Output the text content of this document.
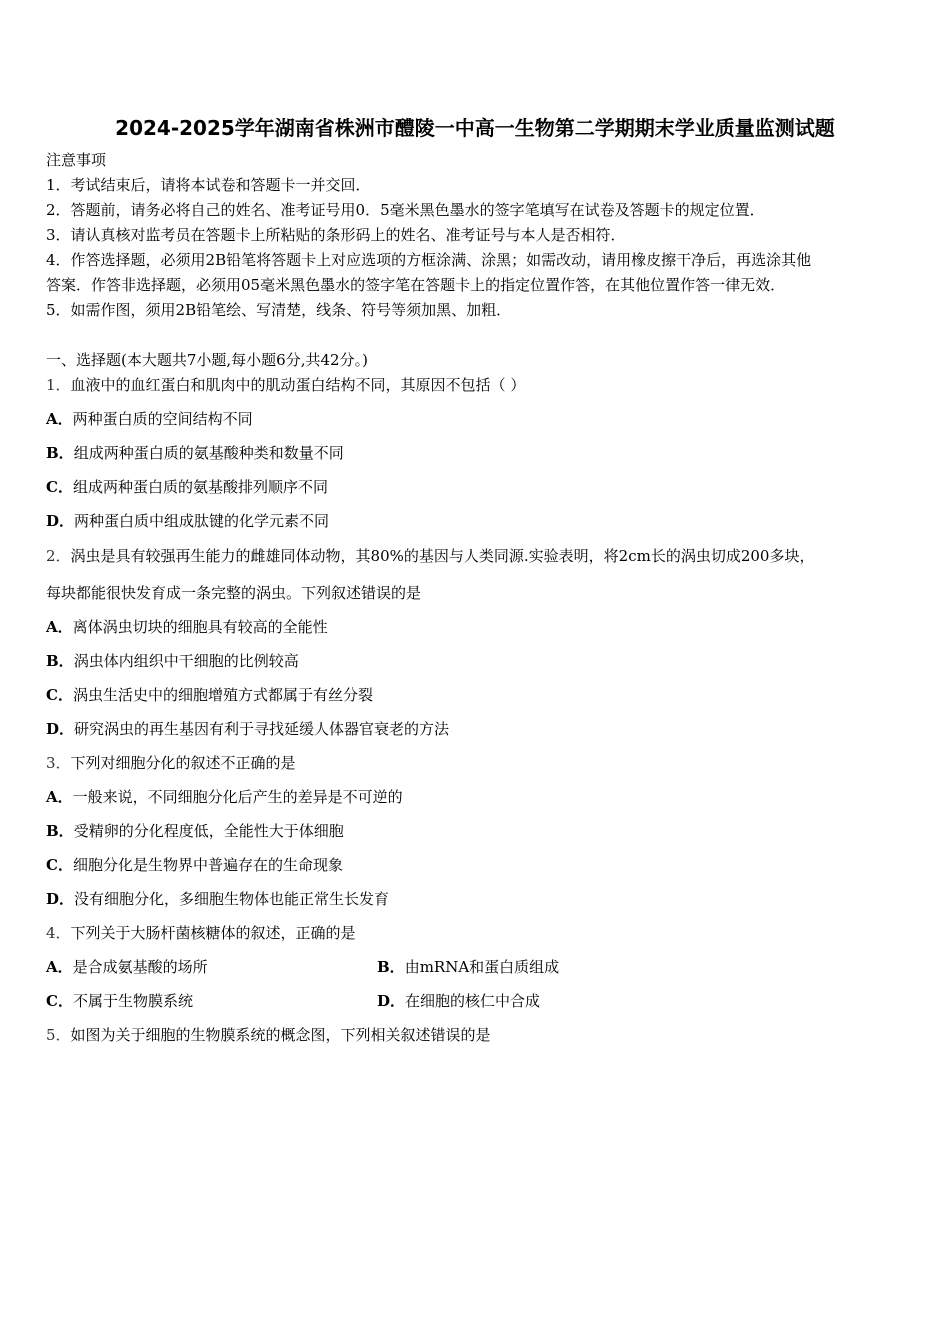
2024-2025学年湖南省株洲市醴陵一中高一生物第二学期期末学业质量监测试题
注意事项
1．考试结束后，请将本试卷和答题卡一并交回．
2．答题前，请务必将自己的姓名、准考证号用0．5毫米黑色墨水的签字笔填写在试卷及答题卡的规定位置．
3．请认真核对监考员在答题卡上所粘贴的条形码上的姓名、准考证号与本人是否相符．
4．作答选择题，必须用2B铅笔将答题卡上对应选项的方框涂满、涂黑；如需改动，请用橡皮擦干净后，再选涂其他
答案．作答非选择题，必须用05毫米黑色墨水的签字笔在答题卡上的指定位置作答，在其他位置作答一律无效．
5．如需作图，须用2B铅笔绘、写清楚，线条、符号等须加黑、加粗．
一、选择题(本大题共7小题,每小题6分,共42分。)
1．血液中的血红蛋白和肌肉中的肌动蛋白结构不同，其原因不包括（ ）
A．两种蛋白质的空间结构不同
B．组成两种蛋白质的氨基酸种类和数量不同
C．组成两种蛋白质的氨基酸排列顺序不同
D．两种蛋白质中组成肽键的化学元素不同
2．涡虫是具有较强再生能力的雌雄同体动物，其80%的基因与人类同源.实验表明，将2cm长的涡虫切成200多块，
每块都能很快发育成一条完整的涡虫。下列叙述错误的是
A．离体涡虫切块的细胞具有较高的全能性
B．涡虫体内组织中干细胞的比例较高
C．涡虫生活史中的细胞增殖方式都属于有丝分裂
D．研究涡虫的再生基因有利于寻找延缓人体器官衰老的方法
3．下列对细胞分化的叙述不正确的是
A．一般来说，不同细胞分化后产生的差异是不可逆的
B．受精卵的分化程度低，全能性大于体细胞
C．细胞分化是生物界中普遍存在的生命现象
D．没有细胞分化，多细胞生物体也能正常生长发育
4．下列关于大肠杆菌核糖体的叙述，正确的是
A．是合成氨基酸的场所	B．由mRNA和蛋白质组成
C．不属于生物膜系统	D．在细胞的核仁中合成
5．如图为关于细胞的生物膜系统的概念图，下列相关叙述错误的是
